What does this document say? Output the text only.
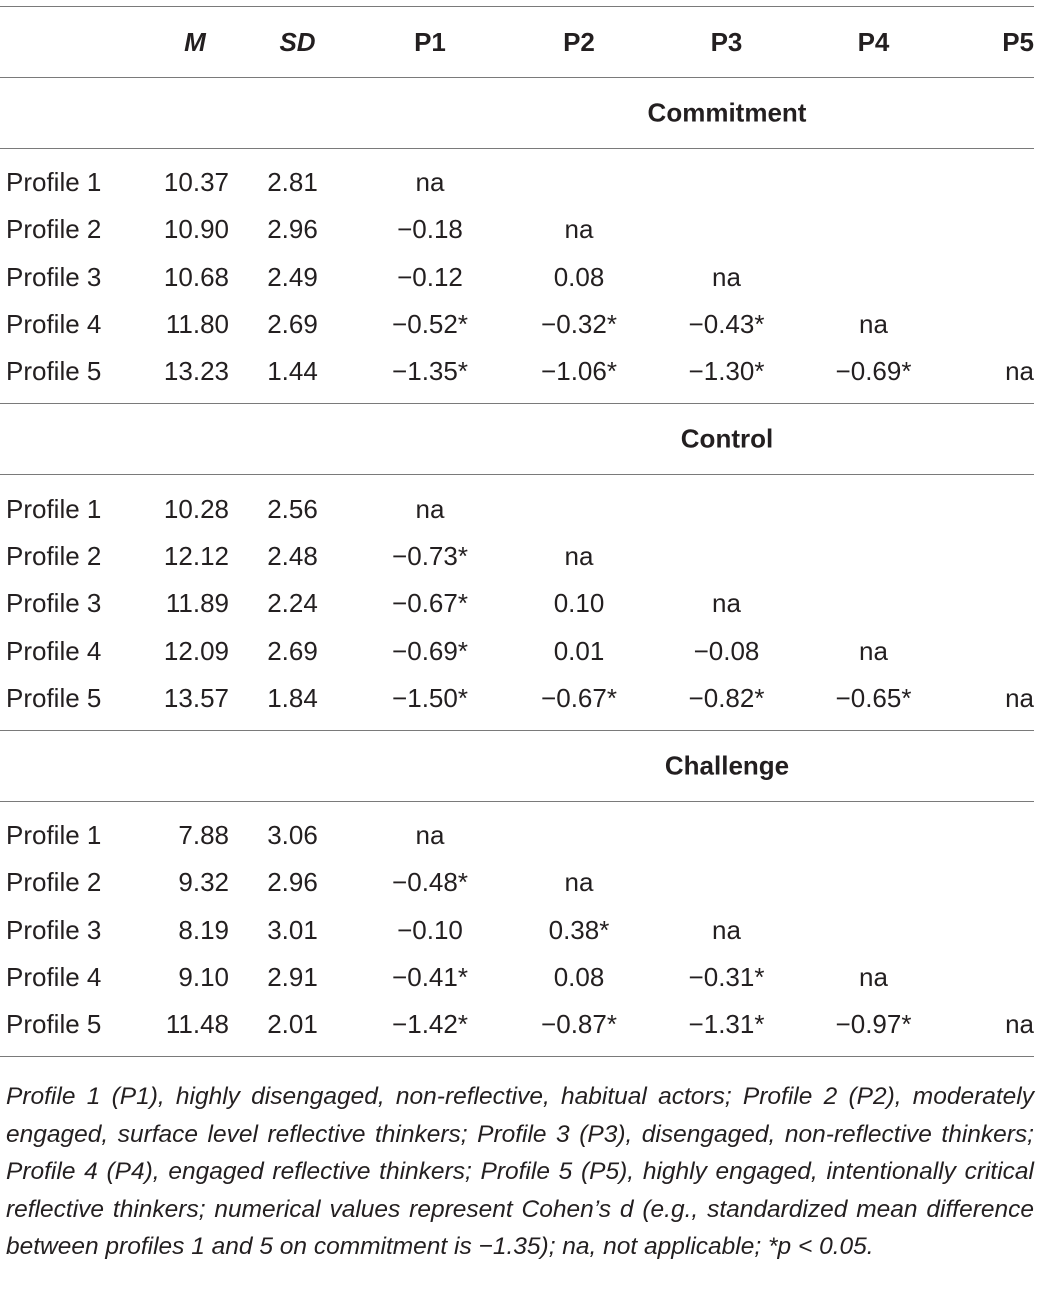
	M	SD	P1	P2	P3	P4	P5

Commitment							

Profile 1	10.37	2.81	na				
Profile 2	10.90	2.96	−0.18	na			
Profile 3	10.68	2.49	−0.12	0.08	na		
Profile 4	11.80	2.69	−0.52*	−0.32*	−0.43*	na	
Profile 5	13.23	1.44	−1.35*	−1.06*	−1.30*	−0.69*	na

Control							

Profile 1	10.28	2.56	na				
Profile 2	12.12	2.48	−0.73*	na			
Profile 3	11.89	2.24	−0.67*	0.10	na		
Profile 4	12.09	2.69	−0.69*	0.01	−0.08	na	
Profile 5	13.57	1.84	−1.50*	−0.67*	−0.82*	−0.65*	na

Challenge							

Profile 1	7.88	3.06	na				
Profile 2	9.32	2.96	−0.48*	na			
Profile 3	8.19	3.01	−0.10	0.38*	na		
Profile 4	9.10	2.91	−0.41*	0.08	−0.31*	na	
Profile 5	11.48	2.01	−1.42*	−0.87*	−1.31*	−0.97*	na
Profile 1 (P1), highly disengaged, non-reflective, habitual actors; Profile 2 (P2), moderately engaged, surface level reflective thinkers; Profile 3 (P3), disengaged, non-reflective thinkers; Profile 4 (P4), engaged reflective thinkers; Profile 5 (P5), highly engaged, intentionally critical reflective thinkers; numerical values represent Cohen’s d (e.g., standardized mean difference between profiles 1 and 5 on commitment is −1.35); na, not applicable; *p < 0.05.
